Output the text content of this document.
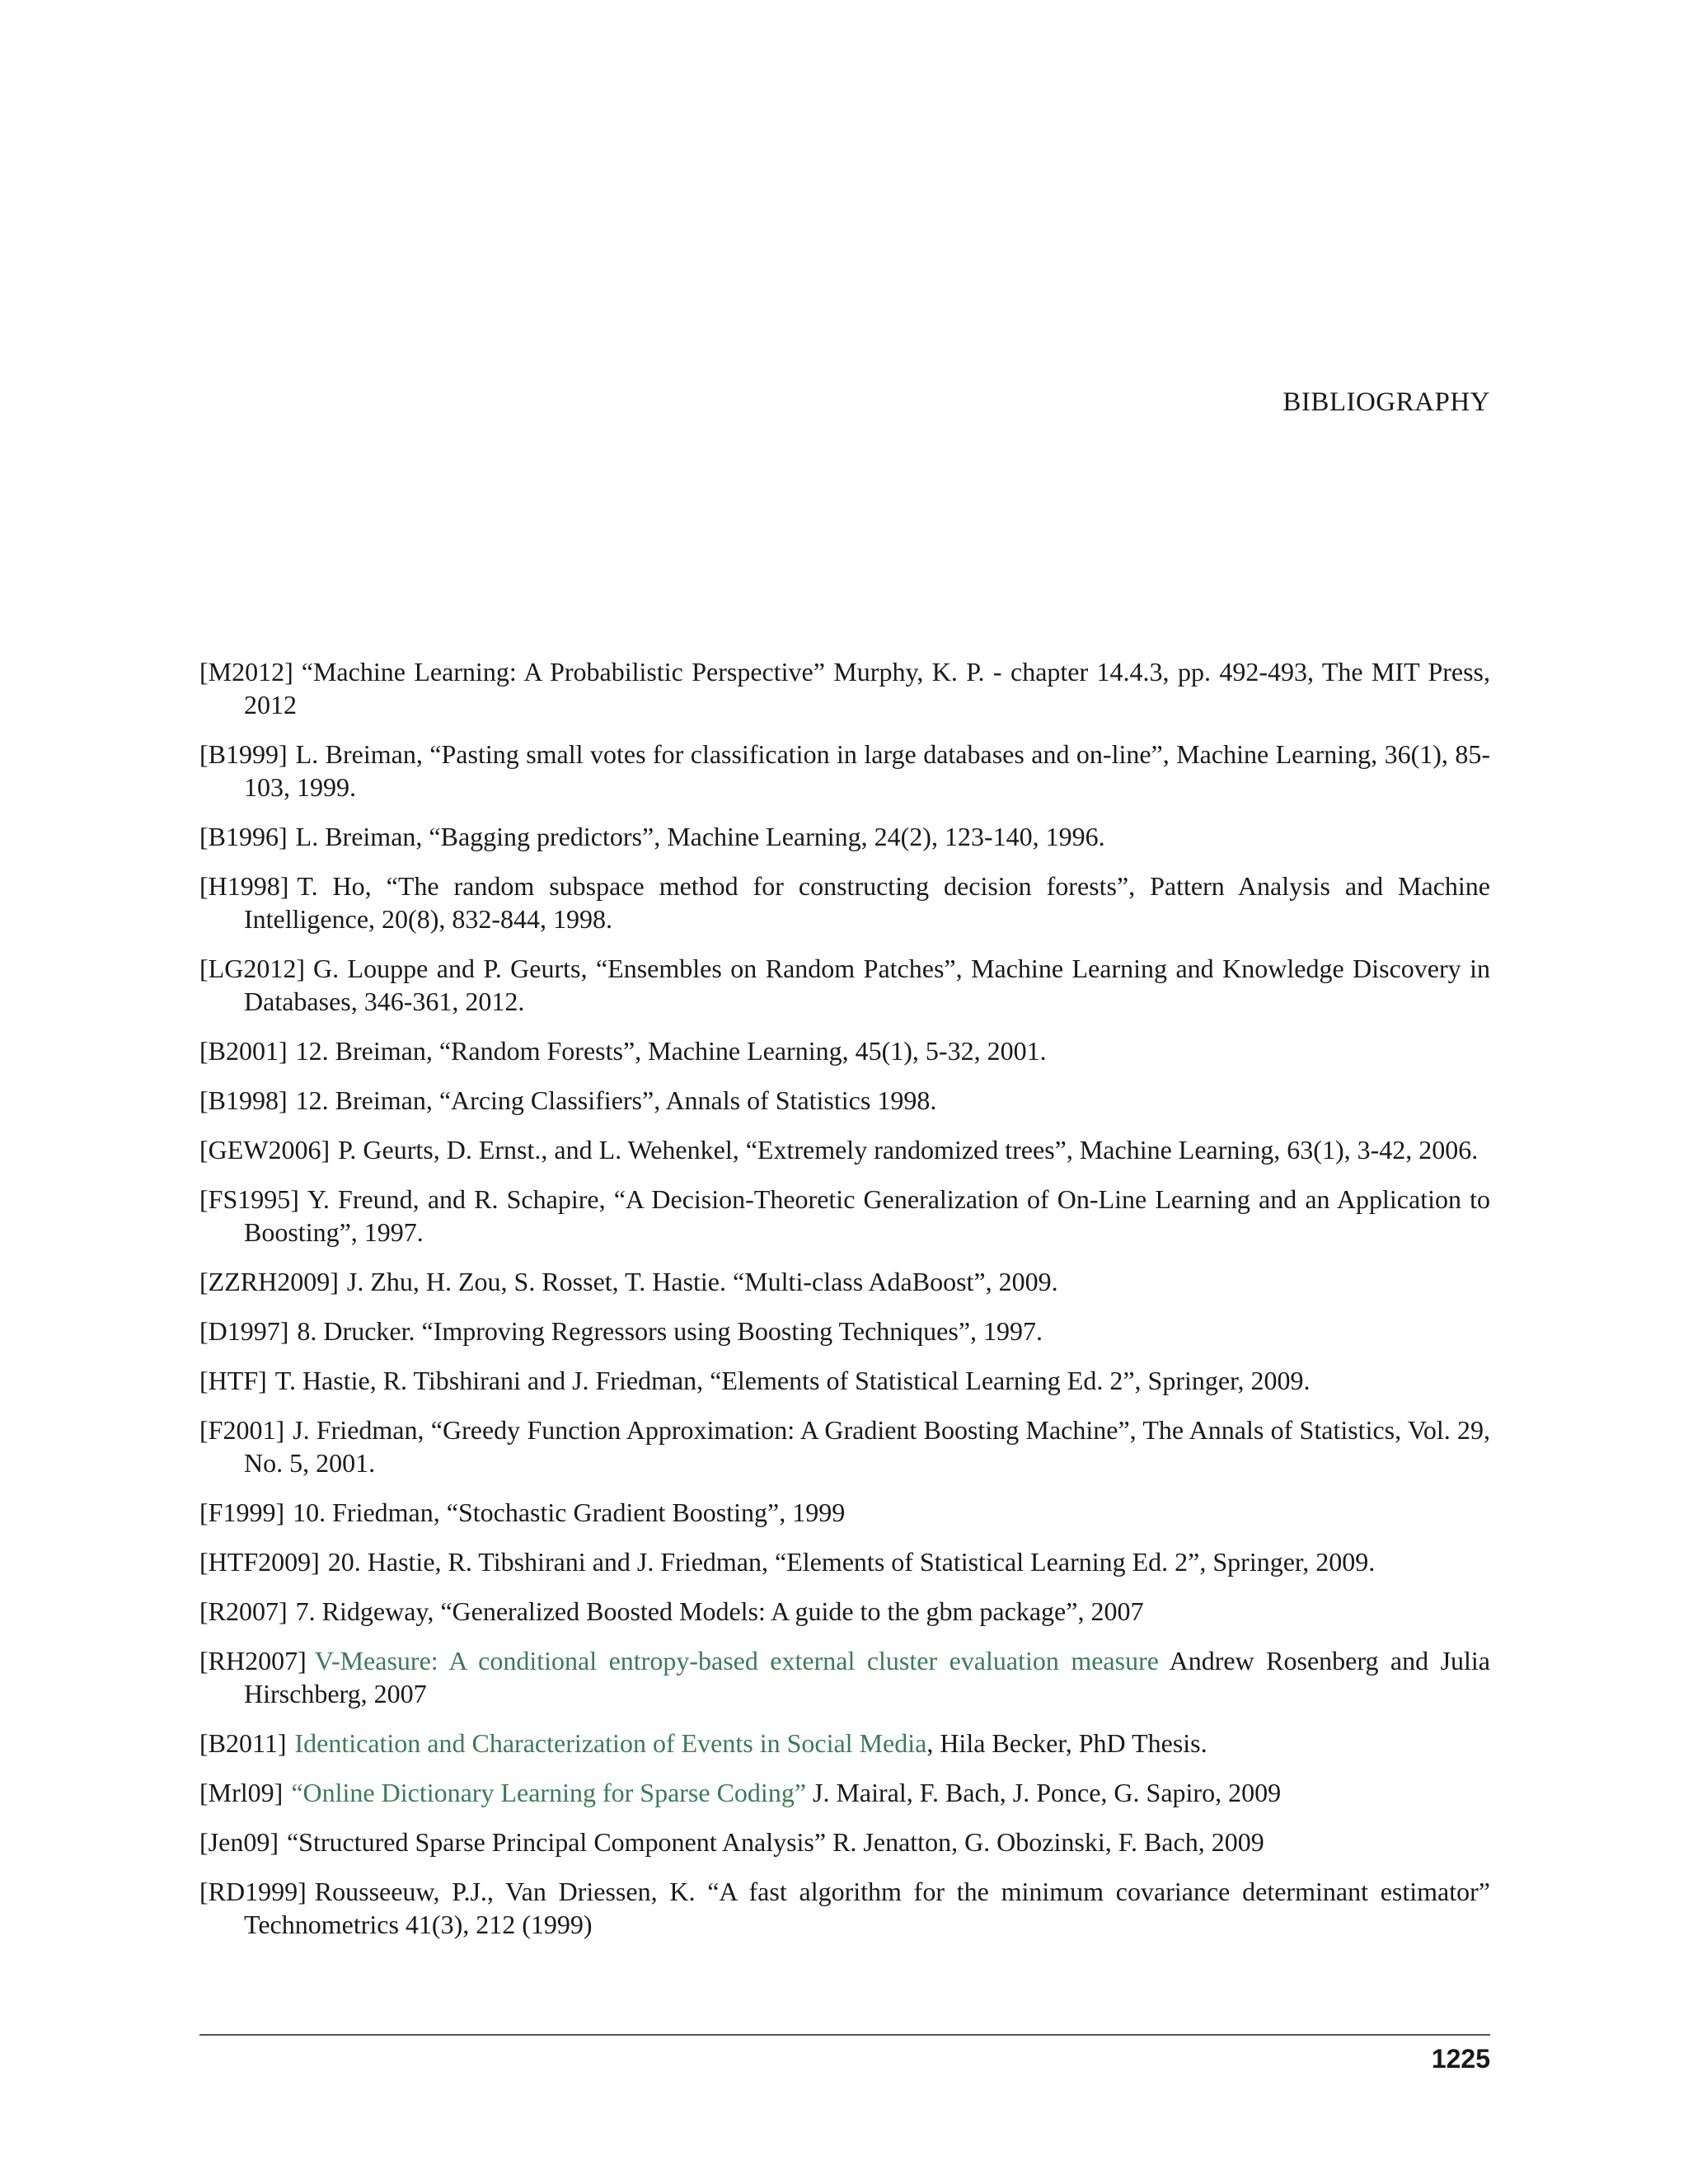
BIBLIOGRAPHY
[M2012] “Machine Learning: A Probabilistic Perspective” Murphy, K. P. - chapter 14.4.3, pp. 492-493, The MIT Press, 2012
[B1999] L. Breiman, “Pasting small votes for classification in large databases and on-line”, Machine Learning, 36(1), 85-103, 1999.
[B1996] L. Breiman, “Bagging predictors”, Machine Learning, 24(2), 123-140, 1996.
[H1998] T. Ho, “The random subspace method for constructing decision forests”, Pattern Analysis and Machine Intelligence, 20(8), 832-844, 1998.
[LG2012] G. Louppe and P. Geurts, “Ensembles on Random Patches”, Machine Learning and Knowledge Discovery in Databases, 346-361, 2012.
[B2001] 12. Breiman, “Random Forests”, Machine Learning, 45(1), 5-32, 2001.
[B1998] 12. Breiman, “Arcing Classifiers”, Annals of Statistics 1998.
[GEW2006] P. Geurts, D. Ernst., and L. Wehenkel, “Extremely randomized trees”, Machine Learning, 63(1), 3-42, 2006.
[FS1995] Y. Freund, and R. Schapire, “A Decision-Theoretic Generalization of On-Line Learning and an Application to Boosting”, 1997.
[ZZRH2009] J. Zhu, H. Zou, S. Rosset, T. Hastie. “Multi-class AdaBoost”, 2009.
[D1997] 8. Drucker. “Improving Regressors using Boosting Techniques”, 1997.
[HTF] T. Hastie, R. Tibshirani and J. Friedman, “Elements of Statistical Learning Ed. 2”, Springer, 2009.
[F2001] J. Friedman, “Greedy Function Approximation: A Gradient Boosting Machine”, The Annals of Statistics, Vol. 29, No. 5, 2001.
[F1999] 10. Friedman, “Stochastic Gradient Boosting”, 1999
[HTF2009] 20. Hastie, R. Tibshirani and J. Friedman, “Elements of Statistical Learning Ed. 2”, Springer, 2009.
[R2007] 7. Ridgeway, “Generalized Boosted Models: A guide to the gbm package”, 2007
[RH2007] V-Measure: A conditional entropy-based external cluster evaluation measure Andrew Rosenberg and Julia Hirschberg, 2007
[B2011] Identication and Characterization of Events in Social Media, Hila Becker, PhD Thesis.
[Mrl09] “Online Dictionary Learning for Sparse Coding” J. Mairal, F. Bach, J. Ponce, G. Sapiro, 2009
[Jen09] “Structured Sparse Principal Component Analysis” R. Jenatton, G. Obozinski, F. Bach, 2009
[RD1999] Rousseeuw, P.J., Van Driessen, K. “A fast algorithm for the minimum covariance determinant estimator” Technometrics 41(3), 212 (1999)
1225
